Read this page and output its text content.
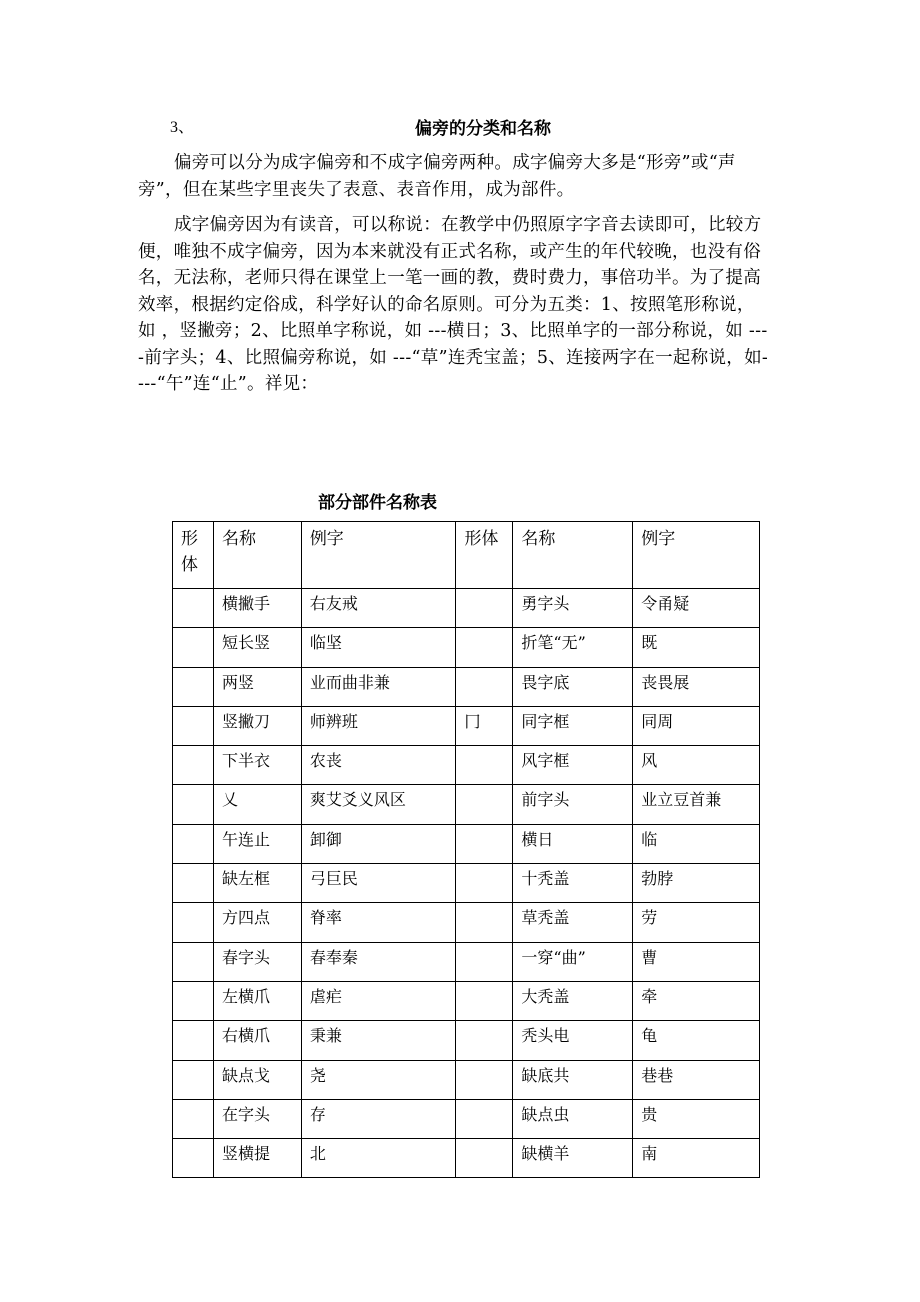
3、	偏旁的分类和名称

偏旁可以分为成字偏旁和不成字偏旁两种。成字偏旁大多是“形旁”或“声旁”，但在某些字里丧失了表意、表音作用，成为部件。

成字偏旁因为有读音，可以称说：在教学中仍照原字字音去读即可，比较方便，唯独不成字偏旁，因为本来就没有正式名称，或产生的年代较晚，也没有俗名，无法称，老师只得在课堂上一笔一画的教，费时费力，事倍功半。为了提高效率，根据约定俗成，科学好认的命名原则。可分为五类：1、按照笔形称说，如 ，竖撇旁；2、比照单字称说，如 ---横日；3、比照单字的一部分称说，如 ----前字头；4、比照偏旁称说，如 ---“草”连秃宝盖；5、连接两字在一起称说，如----“午”连“止”。祥见：

部分部件名称表
形体	名称	例字	形体	名称	例字
	横撇手	右友戒		勇字头	令甬疑
	短长竖	临坚		折笔“无”	既
	两竖	业而曲非兼		畏字底	丧畏展
	竖撇刀	师辨班	冂	同字框	同周
	下半衣	农丧		风字框	风
	乂	爽艾爻义风区		前字头	业立豆首兼
	午连止	卸御		横日	临
	缺左框	弓巨民		十秃盖	勃脖
	方四点	脊率		草秃盖	劳
	春字头	春奉秦		一穿“曲”	曹
	左横爪	虐疟		大秃盖	牵
	右横爪	秉兼		秃头电	龟
	缺点戈	尧		缺底共	巷巷
	在字头	存		缺点虫	贵
	竖横提	北		缺横羊	南
